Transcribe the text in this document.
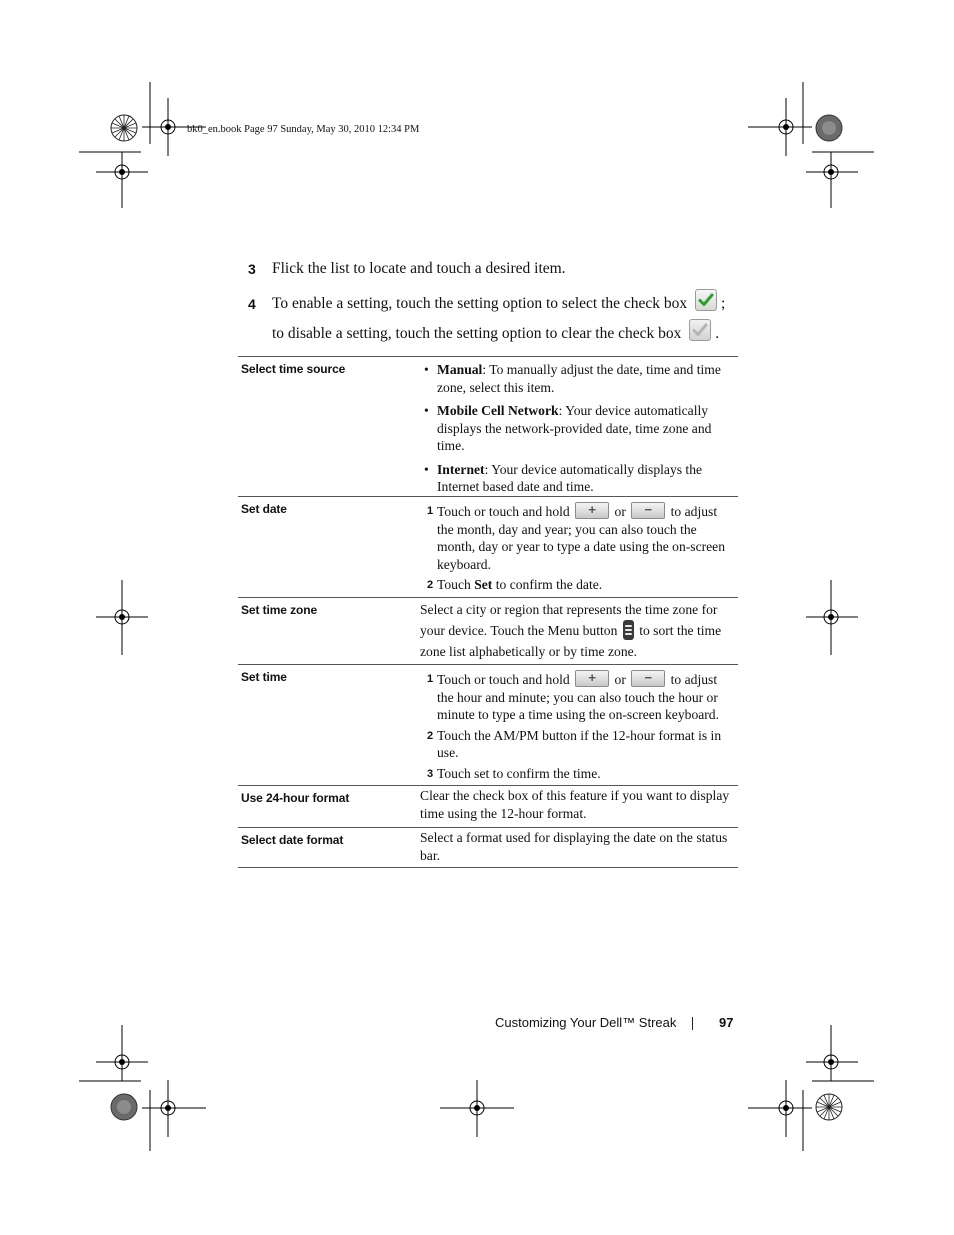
bk0_en.book Page 97 Sunday, May 30, 2010 12:34 PM
3 Flick the list to locate and touch a desired item.
4 To enable a setting, touch the setting option to select the check box ;
to disable a setting, touch the setting option to clear the check box .
Select time source	• Manual: To manually adjust the date, time and time zone, select this item.
• Mobile Cell Network: Your device automatically displays the network-provided date, time zone and time.
• Internet: Your device automatically displays the Internet based date and time.
Set date	1 Touch or touch and hold	+	or	−	to adjust the month, day and year; you can also touch the month, day or year to type a date using the on-screen keyboard.
2 Touch Set to confirm the date.
Set time zone	Select a city or region that represents the time zone for your device. Touch the Menu button to sort the time zone list alphabetically or by time zone.
Set time	1 Touch or touch and hold	+	or	−	to adjust the hour and minute; you can also touch the hour or minute to type a time using the on-screen keyboard.
2 Touch the AM/PM button if the 12-hour format is in use.
3 Touch set to confirm the time.
Use 24-hour format	Clear the check box of this feature if you want to display time using the 12-hour format.
Select date format	Select a format used for displaying the date on the status bar.
Customizing Your Dell™ Streak	97
